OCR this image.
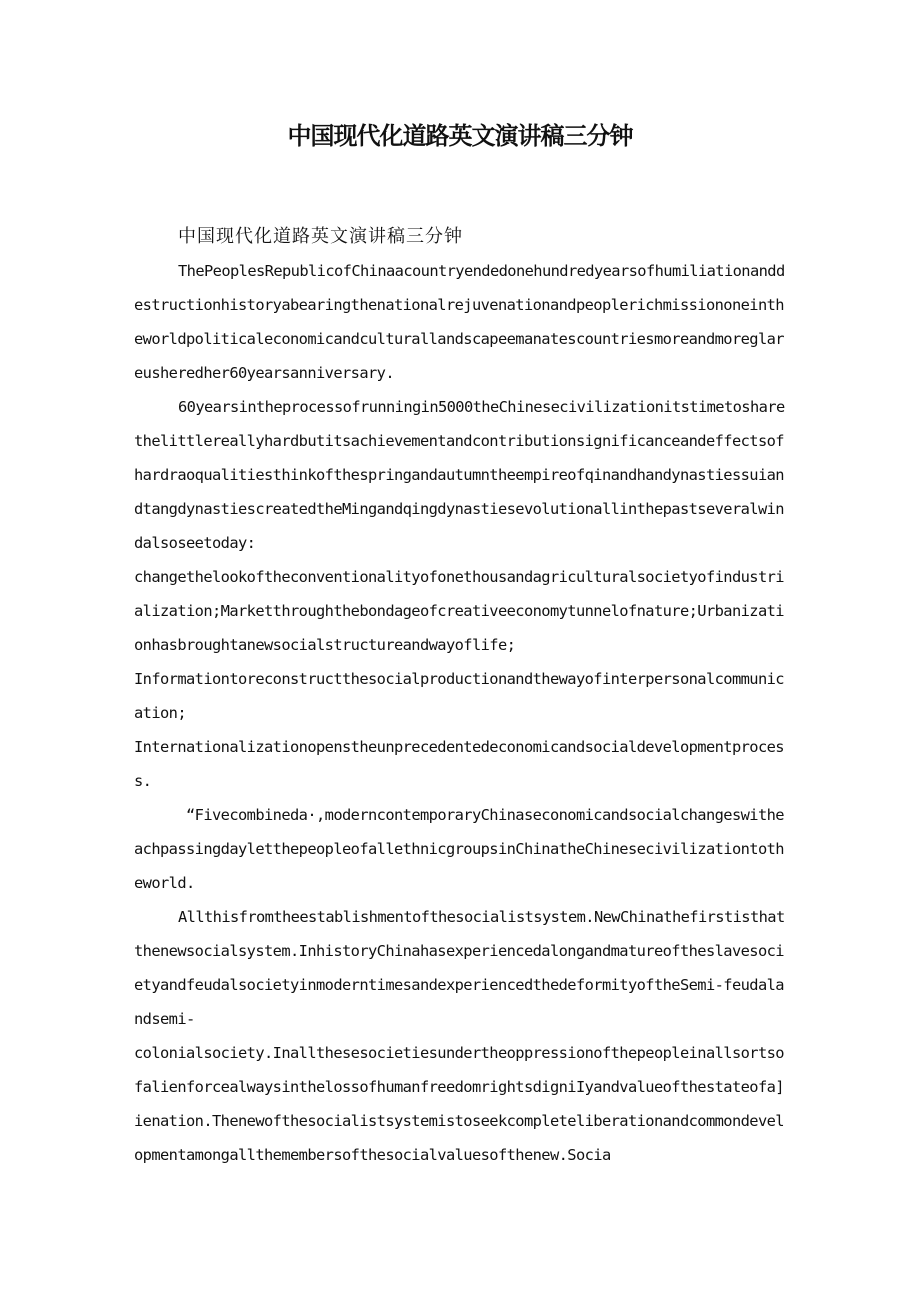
中国现代化道路英文演讲稿三分钟

中国现代化道路英文演讲稿三分钟

ThePeoplesRepublicofChinaacountryendedonehundredyearsofhumiliationanddestructionhistoryabearingthenationalrejuvenationandpeoplerichmissiononeintheworldpoliticaleconomicandculturallandscapeemanatescountriesmoreandmoreglareusheredher60yearsanniversary.

60yearsintheprocessofrunningin5000theChinesecivilizationitstimetosharethelittlereallyhardbutitsachievementandcontributionsignificanceandeffectsofhardraoqualitiesthinkofthespringandautumntheempireofqinandhandynastiessuiandtangdynastiescreatedtheMingandqingdynastiesevolutionallinthepastseveralwindalsoseetoday:

changethelookoftheconventionalityofonethousandagriculturalsocietyofindustrialization;Marketthroughthebondageofcreativeeconomytunnelofnature;Urbanizationhasbroughtanewsocialstructureandwayoflife;

Informationtoreconstructthesocialproductionandthewayofinterpersonalcommunication;

Internationalizationopenstheunprecedentedeconomicandsocialdevelopmentprocess.

“Fivecombineda·,moderncontemporaryChinaseconomicandsocialchangeswitheachpassingdayletthepeopleofallethnicgroupsinChinatheChinesecivilizationtotheworld.

Allthisfromtheestablishmentofthesocialistsystem.NewChinathefirstisthatthenewsocialsystem.InhistoryChinahasexperiencedalongandmatureoftheslavesocietyandfeudalsocietyinmoderntimesandexperiencedthedeformityoftheSemi-feudalandsemi-

colonialsociety.InallthesesocietiesundertheoppressionofthepeopleinallsortsofalienforcealwaysinthelossofhumanfreedomrightsdigniIyandvalueofthestateofa]ienation.Thenewofthesocialistsystemistoseekcompleteliberationandcommondevelopmentamongallthemembersofthesocialvaluesofthenew.Socia
